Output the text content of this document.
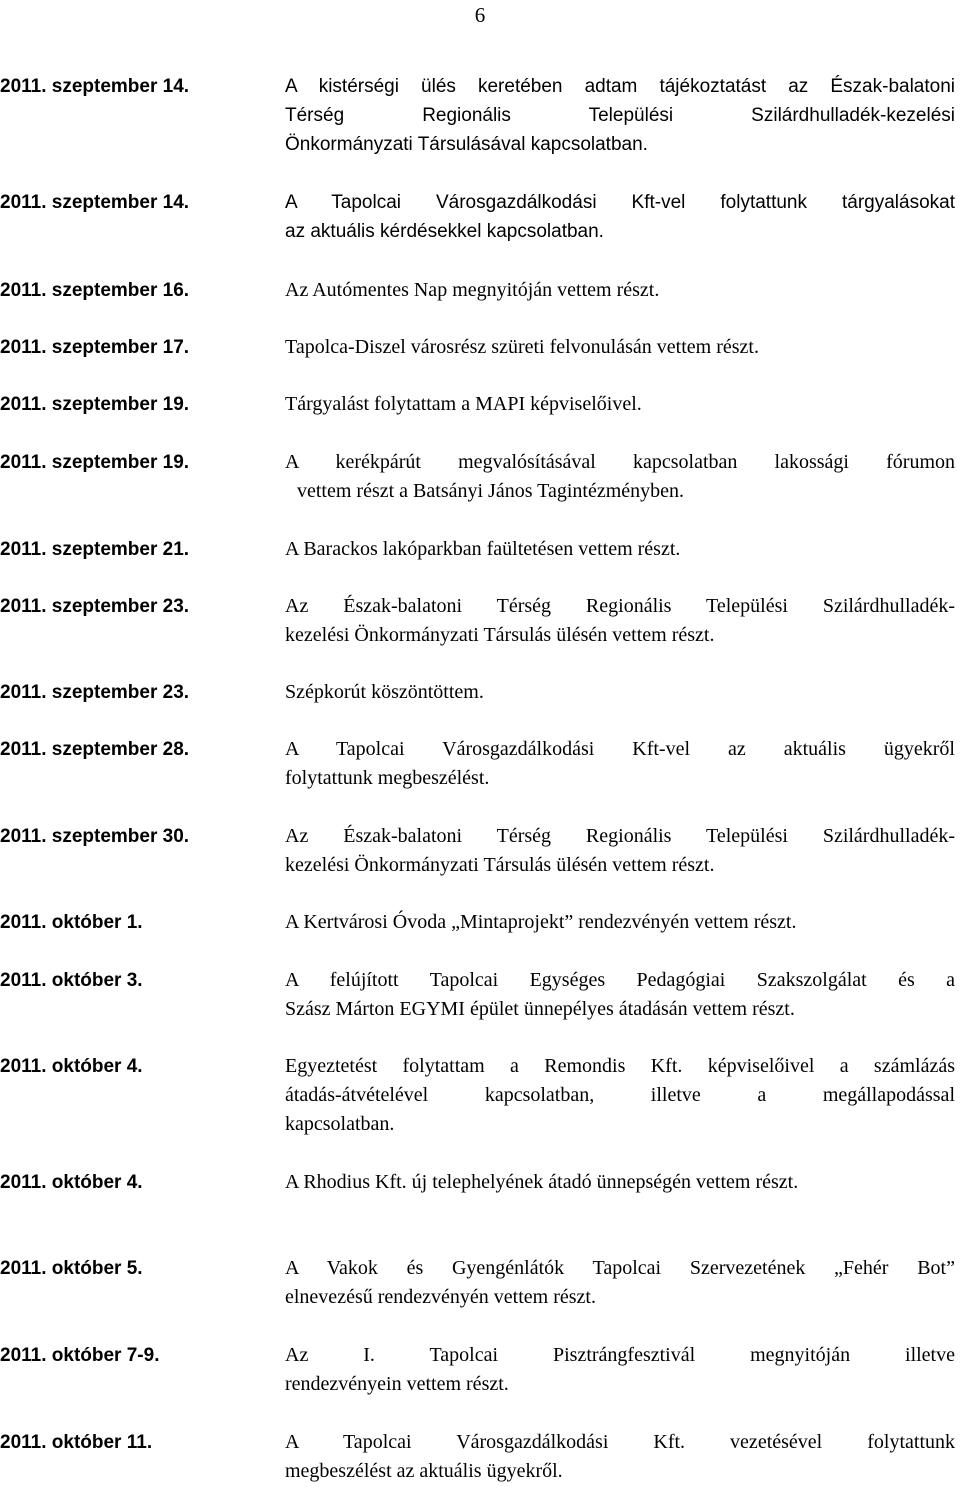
6
2011. szeptember 14.	A kistérségi ülés keretében adtam tájékoztatást az Észak-balatoni
Térség Regionális Települési Szilárdhulladék-kezelési
Önkormányzati Társulásával kapcsolatban.
2011. szeptember 14.	A Tapolcai Városgazdálkodási Kft-vel folytattunk tárgyalásokat
az aktuális kérdésekkel kapcsolatban.
2011. szeptember 16.	Az Autómentes Nap megnyitóján vettem részt.
2011. szeptember 17.	Tapolca-Diszel városrész szüreti felvonulásán vettem részt.
2011. szeptember 19.	Tárgyalást folytattam a MAPI képviselőivel.
2011. szeptember 19.	A kerékpárút megvalósításával kapcsolatban lakossági fórumon
vettem részt a Batsányi János Tagintézményben.
2011. szeptember 21.	A Barackos lakóparkban faültetésen vettem részt.
2011. szeptember 23.	Az Észak-balatoni Térség Regionális Települési Szilárdhulladék-
kezelési Önkormányzati Társulás ülésén vettem részt.
2011. szeptember 23.	Szépkorút köszöntöttem.
2011. szeptember 28.	A Tapolcai Városgazdálkodási Kft-vel az aktuális ügyekről
folytattunk megbeszélést.
2011. szeptember 30.	Az Észak-balatoni Térség Regionális Települési Szilárdhulladék-
kezelési Önkormányzati Társulás ülésén vettem részt.
2011. október 1.	A Kertvárosi Óvoda „Mintaprojekt” rendezvényén vettem részt.
2011. október 3.	A felújított Tapolcai Egységes Pedagógiai Szakszolgálat és a
Szász Márton EGYMI épület ünnepélyes átadásán vettem részt.
2011. október 4.	Egyeztetést folytattam a Remondis Kft. képviselőivel a számlázás
átadás-átvételével kapcsolatban, illetve a megállapodással
kapcsolatban.
2011. október 4.	A Rhodius Kft. új telephelyének átadó ünnepségén vettem részt.
2011. október 5.	A Vakok és Gyengénlátók Tapolcai Szervezetének „Fehér Bot”
elnevezésű rendezvényén vettem részt.
2011. október 7-9.	Az I. Tapolcai Pisztrángfesztivál megnyitóján illetve
rendezvényein vettem részt.
2011. október 11.	A Tapolcai Városgazdálkodási Kft. vezetésével folytattunk
megbeszélést az aktuális ügyekről.
